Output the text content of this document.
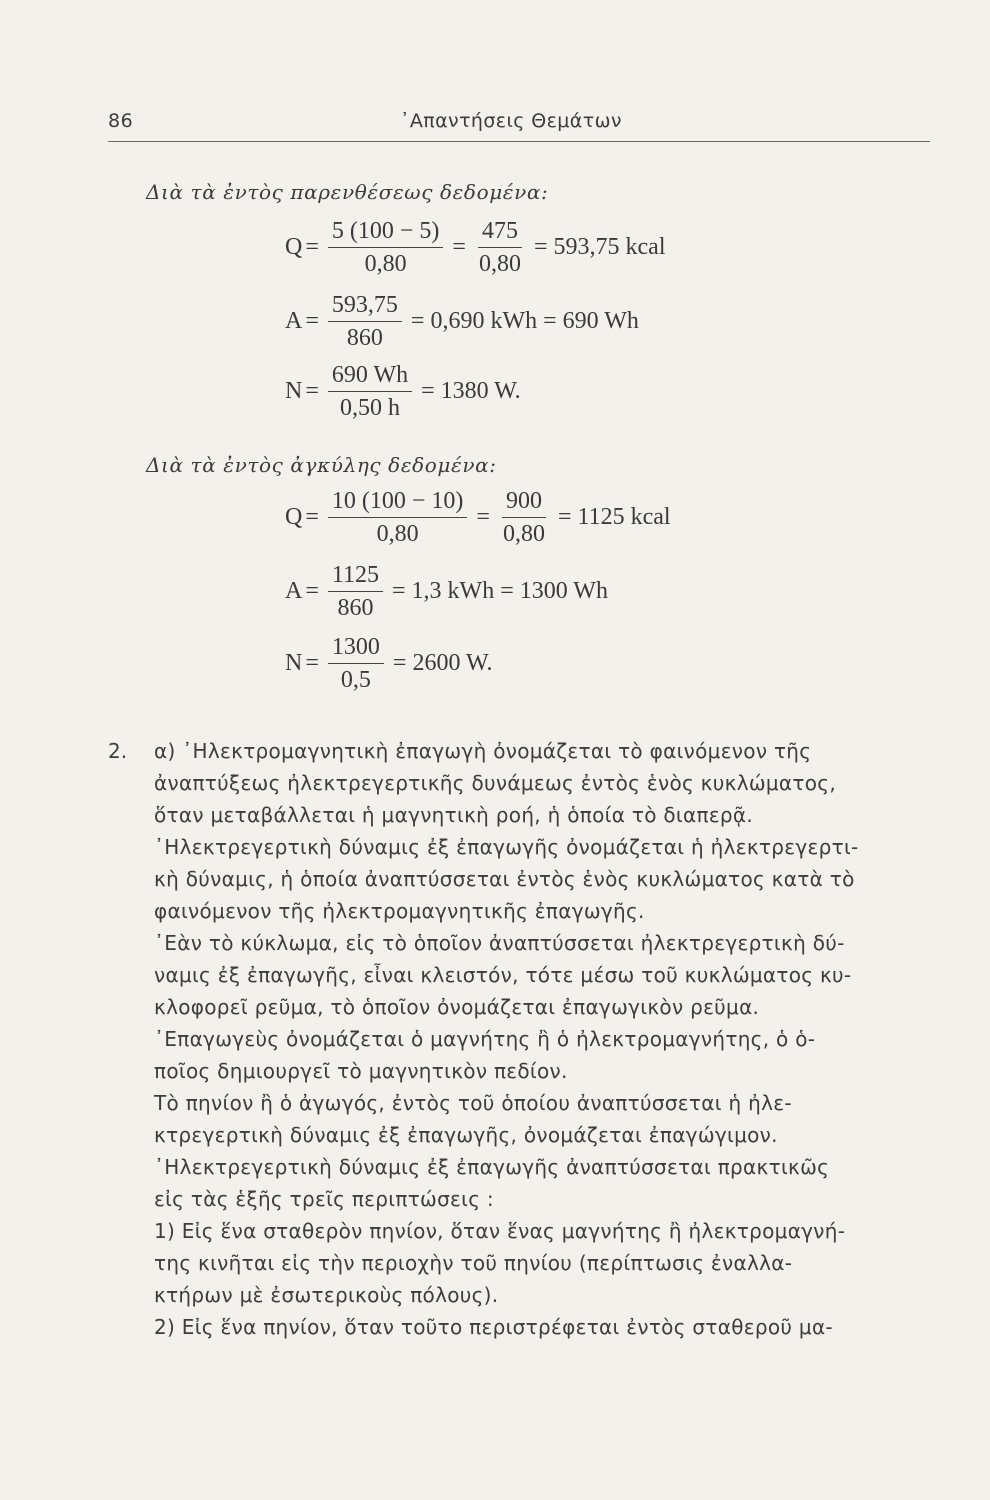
86	᾿Απαντήσεις Θεμάτων
Διὰ τὰ ἐντὸς παρενθέσεως δεδομένα:
$Q = \frac{5 (100 - 5)}{0,80} = \frac{475}{0,80} = 593,75$ kcal
$A = \frac{593,75}{860} = 0,690$ kWh = 690 Wh
$N = \frac{690 Wh}{0,50 h} = 1380$ W.
Διὰ τὰ ἐντὸς ἀγκύλης δεδομένα:
$Q = \frac{10 (100 - 10)}{0,80} = \frac{900}{0,80} = 1125$ kcal
$A = \frac{1125}{860} = 1,3$ kWh = 1300 Wh
$N = \frac{1300}{0,5} = 2600$ W.
2. α) ᾿Ηλεκτρομαγνητικὴ ἐπαγωγὴ ὀνομάζεται τὸ φαινόμενον τῆς

ἀναπτύξεως ἠλεκτρεγερτικῆς δυνάμεως ἐντὸς ἑνὸς κυκλώματος,

ὅταν μεταβάλλεται ἡ μαγνητικὴ ροή, ἡ ὁποία τὸ διαπερᾷ.

᾿Ηλεκτρεγερτικὴ δύναμις ἐξ ἐπαγωγῆς ὀνομάζεται ἡ ἠλεκτρεγερτι-

κὴ δύναμις, ἡ ὁποία ἀναπτύσσεται ἐντὸς ἑνὸς κυκλώματος κατὰ τὸ

φαινόμενον τῆς ἠλεκτρομαγνητικῆς ἐπαγωγῆς.

᾿Εὰν τὸ κύκλωμα, εἰς τὸ ὁποῖον ἀναπτύσσεται ἠλεκτρεγερτικὴ δύ-

ναμις ἐξ ἐπαγωγῆς, εἶναι κλειστόν, τότε μέσω τοῦ κυκλώματος κυ-

κλοφορεῖ ρεῦμα, τὸ ὁποῖον ὀνομάζεται ἐπαγωγικὸν ρεῦμα.

᾿Επαγωγεὺς ὀνομάζεται ὁ μαγνήτης ἢ ὁ ἠλεκτρομαγνήτης, ὁ ὁ-

ποῖος δημιουργεῖ τὸ μαγνητικὸν πεδίον.

Τὸ πηνίον ἢ ὁ ἀγωγός, ἐντὸς τοῦ ὁποίου ἀναπτύσσεται ἡ ἠλε-

κτρεγερτικὴ δύναμις ἐξ ἐπαγωγῆς, ὀνομάζεται ἐπαγώγιμον.

᾿Ηλεκτρεγερτικὴ δύναμις ἐξ ἐπαγωγῆς ἀναπτύσσεται πρακτικῶς

εἰς τὰς ἑξῆς τρεῖς περιπτώσεις :

1) Εἰς ἕνα σταθερὸν πηνίον, ὅταν ἕνας μαγνήτης ἢ ἠλεκτρομαγνή-

της κινῆται εἰς τὴν περιοχὴν τοῦ πηνίου (περίπτωσις ἐναλλα-

κτήρων μὲ ἐσωτερικοὺς πόλους).

2) Εἰς ἕνα πηνίον, ὅταν τοῦτο περιστρέφεται ἐντὸς σταθεροῦ μα-
